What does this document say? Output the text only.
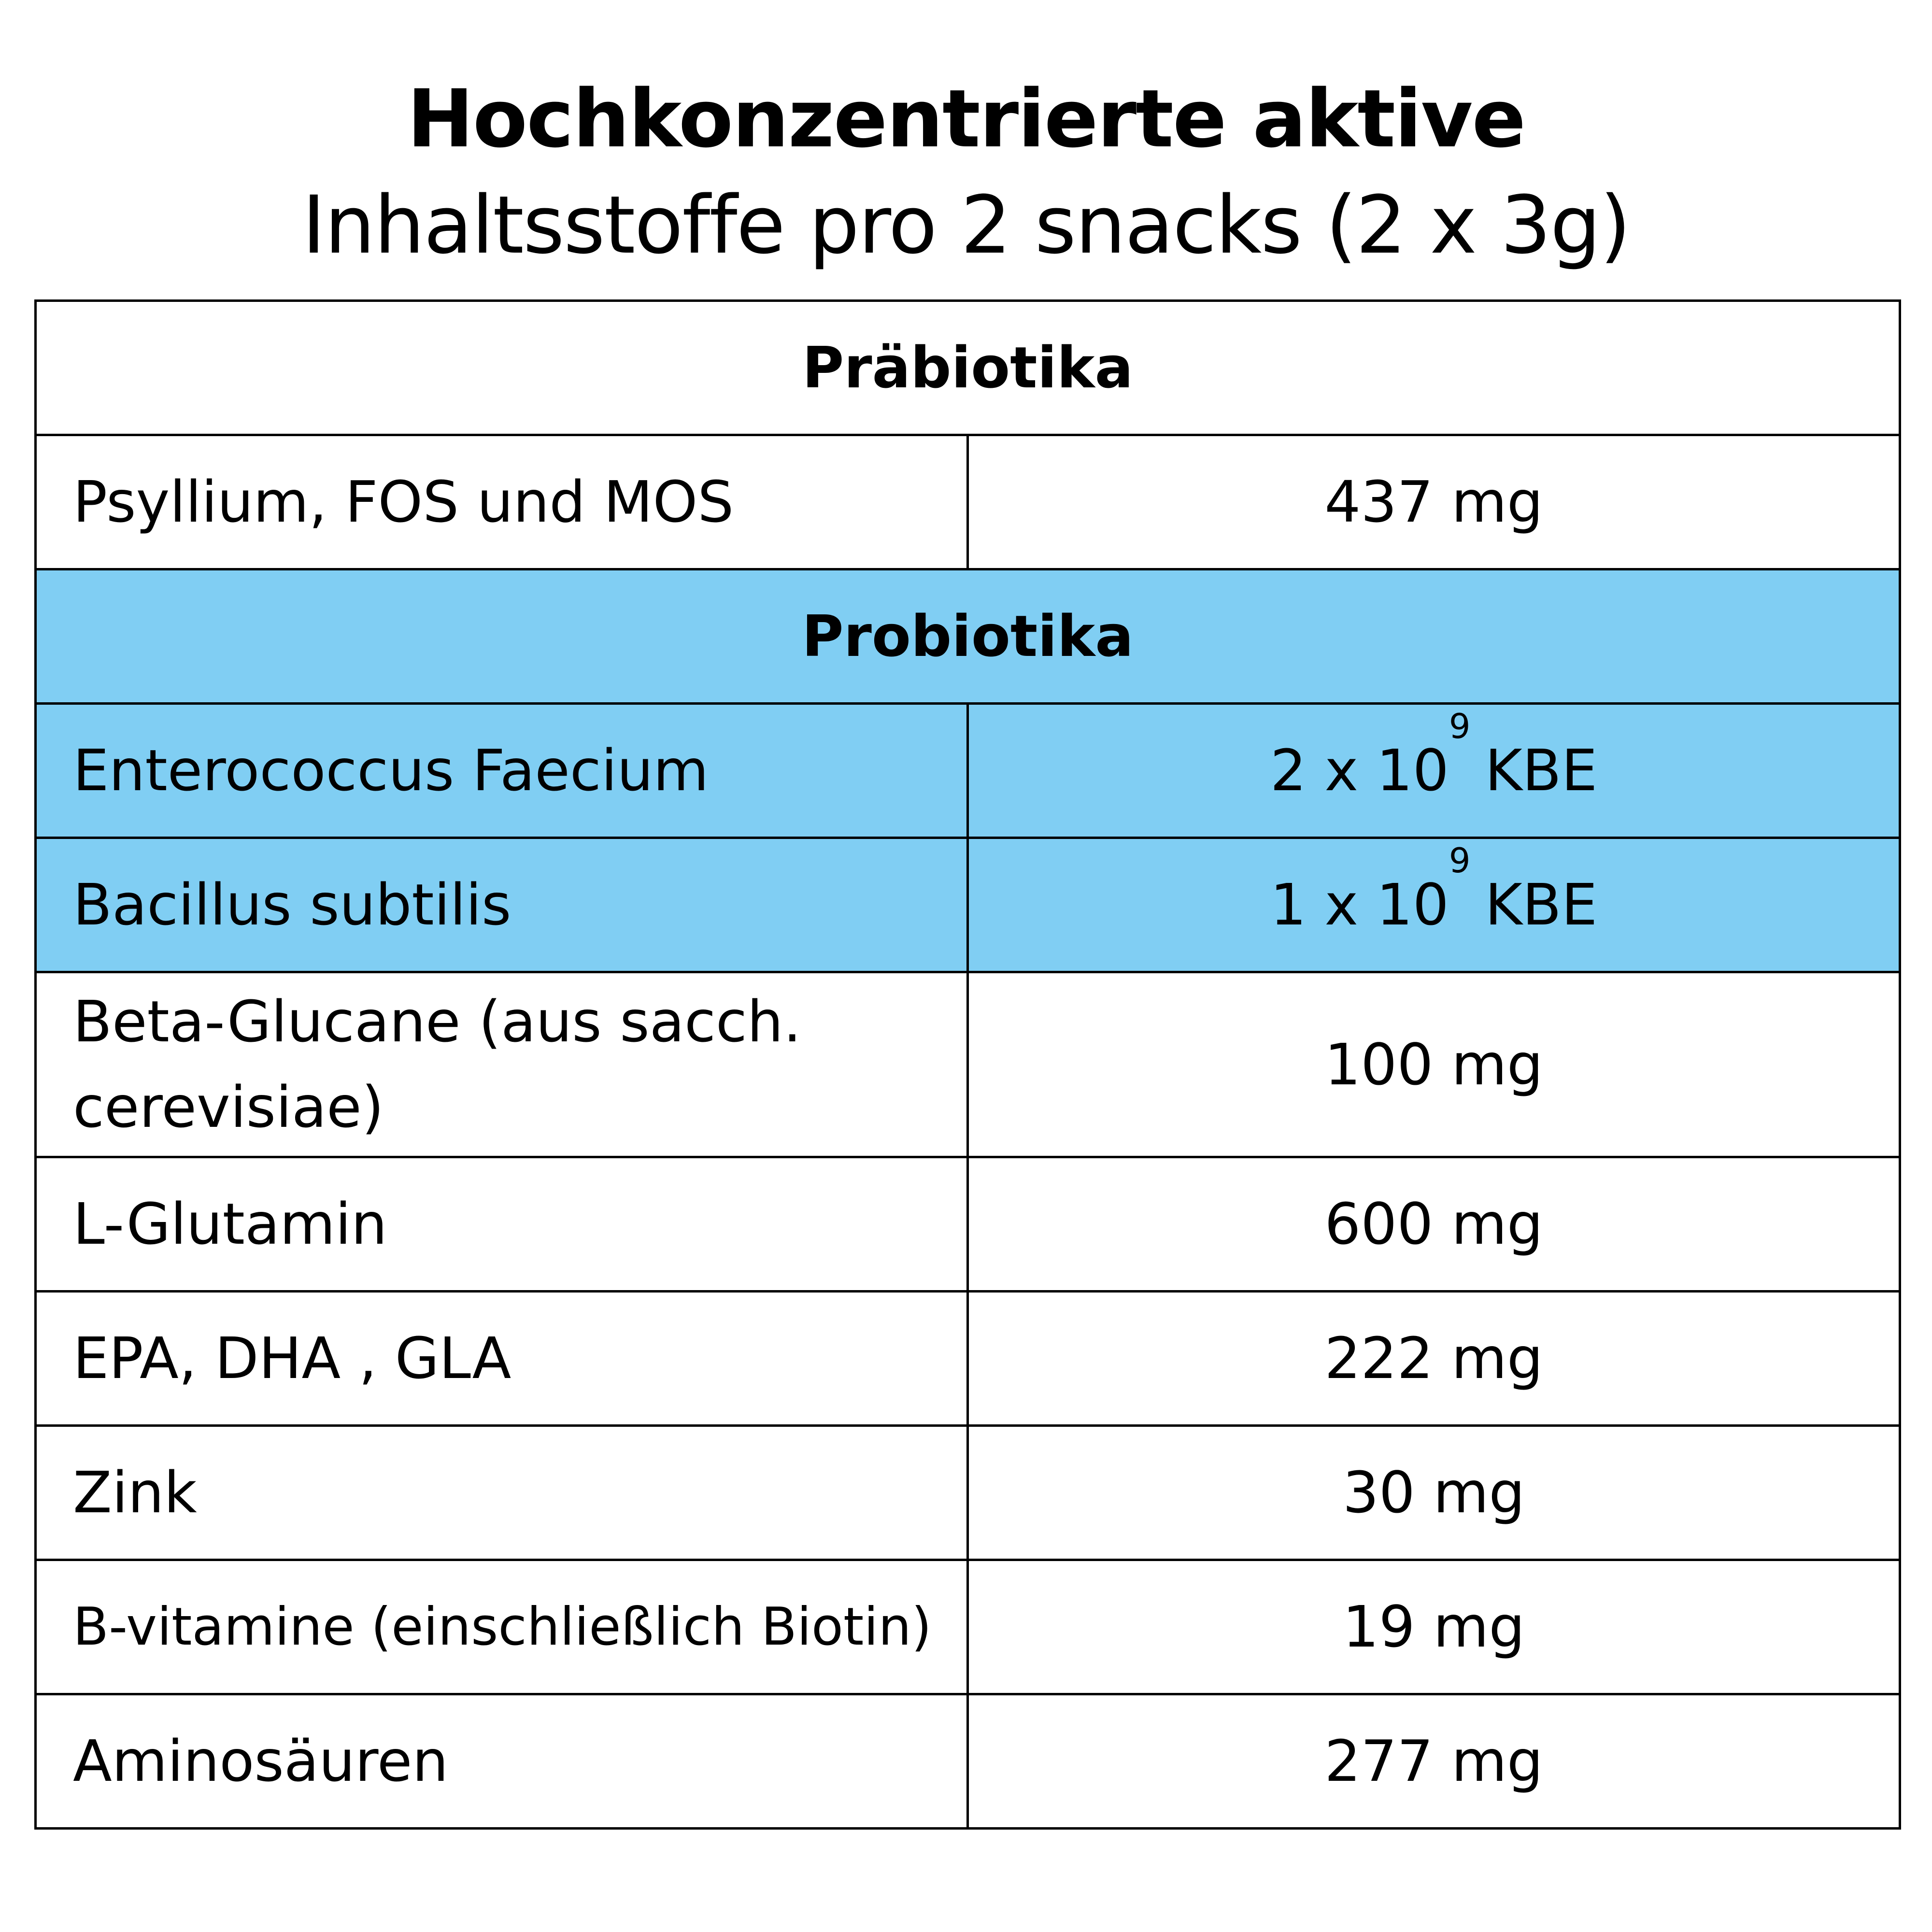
Hochkonzentrierte aktive
Inhaltsstoffe pro 2 snacks (2 x 3g)
Präbiotika	
Psyllium, FOS und MOS	437 mg
Probiotika	
Enterococcus Faecium	2 x $10^9KBE$
Bacillus subtilis	1 x $10^9KBE$
Beta-Glucane (aus sacch. cerevisiae)	100 mg
L-Glutamin	600 mg
EPA, DHA , GLA	222 mg
Zink	30 mg
B-vitamine (einschließlich Biotin)	19 mg
Aminosäuren	277 mg
